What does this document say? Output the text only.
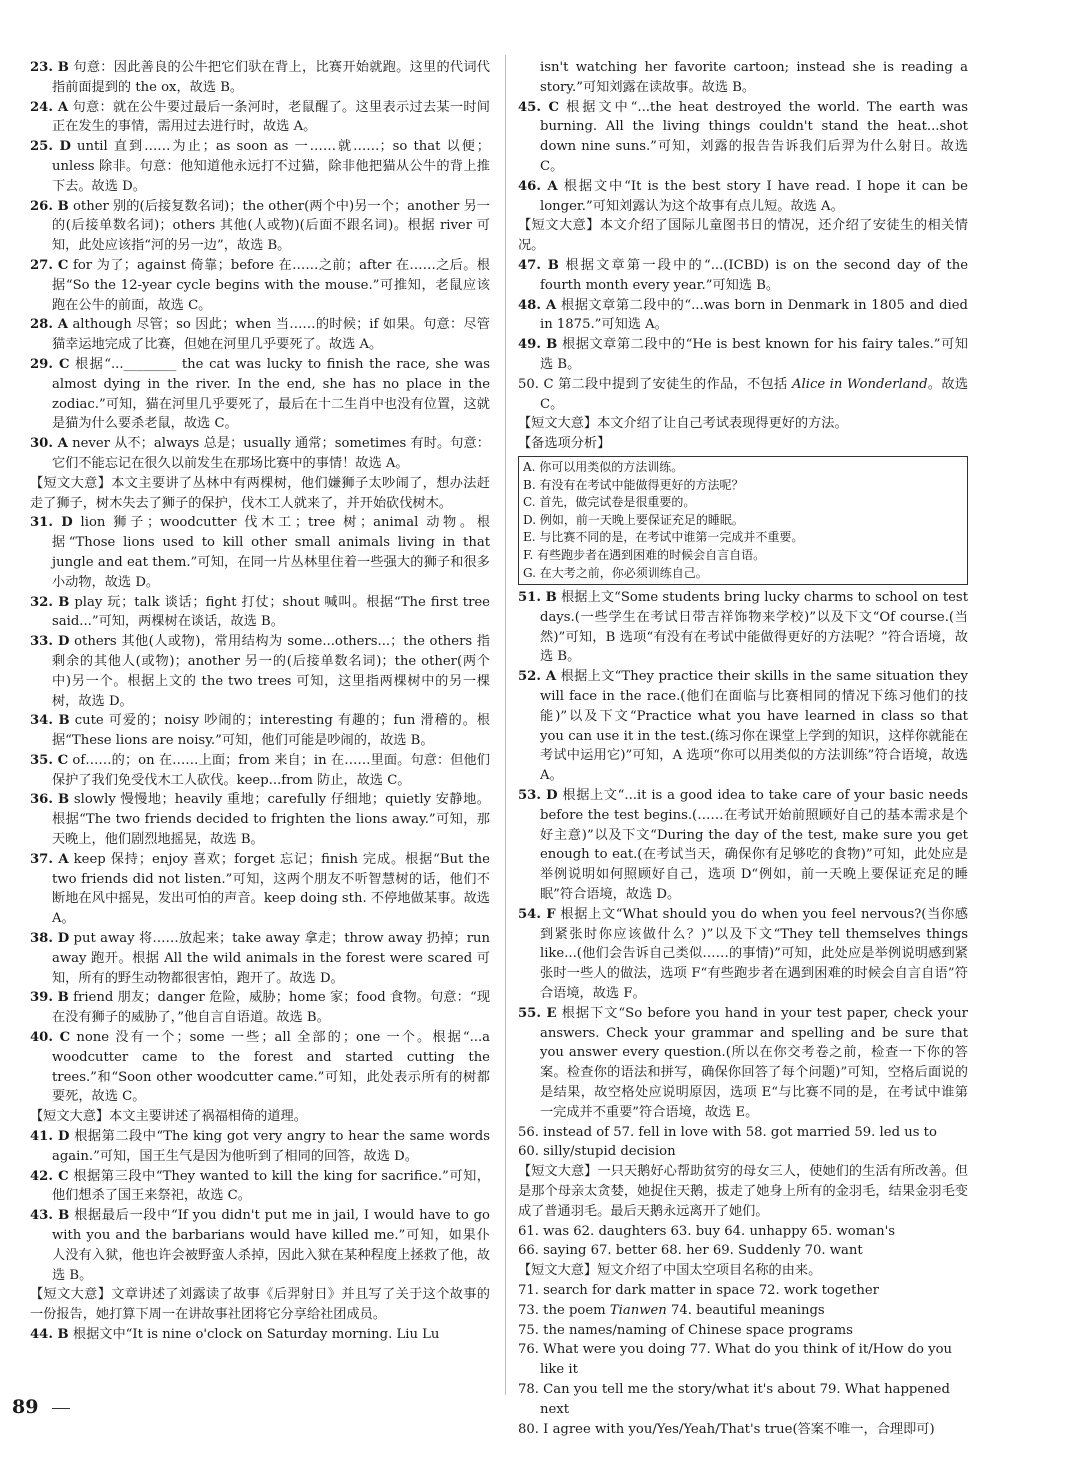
23. B 句意：因此善良的公牛把它们驮在背上，比赛开始就跑。这里的代词代指前面提到的 the ox，故选 B。
24. A 句意：就在公牛要过最后一条河时，老鼠醒了。这里表示过去某一时间正在发生的事情，需用过去进行时，故选 A。
25. D until 直到……为止；as soon as 一……就……；so that 以便；unless 除非。句意：他知道他永远打不过猫，除非他把猫从公牛的背上推下去。故选 D。
26. B other 别的(后接复数名词)；the other(两个中)另一个；another 另一的(后接单数名词)；others 其他(人或物)(后面不跟名词)。根据 river 可知，此处应该指“河的另一边”，故选 B。
27. C for 为了；against 倚靠；before 在……之前；after 在……之后。根据“So the 12-year cycle begins with the mouse.”可推知，老鼠应该跑在公牛的前面，故选 C。
28. A although 尽管；so 因此；when 当……的时候；if 如果。句意：尽管猫幸运地完成了比赛，但她在河里几乎要死了。故选 A。
29. C 根据“...________ the cat was lucky to finish the race, she was almost dying in the river. In the end, she has no place in the zodiac.”可知，猫在河里几乎要死了，最后在十二生肖中也没有位置，这就是猫为什么要杀老鼠，故选 C。
30. A never 从不；always 总是；usually 通常；sometimes 有时。句意：它们不能忘记在很久以前发生在那场比赛中的事情！故选 A。
【短文大意】本文主要讲了丛林中有两棵树，他们嫌狮子太吵闹了，想办法赶走了狮子，树木失去了狮子的保护，伐木工人就来了，并开始砍伐树木。
31. D lion 狮子；woodcutter 伐木工；tree 树；animal 动物。根据“Those lions used to kill other small animals living in that jungle and eat them.”可知，在同一片丛林里住着一些强大的狮子和很多小动物，故选 D。
32. B play 玩；talk 谈话；fight 打仗；shout 喊叫。根据“The first tree said...”可知，两棵树在谈话，故选 B。
33. D others 其他(人或物)，常用结构为 some...others...；the others 指剩余的其他人(或物)；another 另一的(后接单数名词)；the other(两个中)另一个。根据上文的 the two trees 可知，这里指两棵树中的另一棵树，故选 D。
34. B cute 可爱的；noisy 吵闹的；interesting 有趣的；fun 滑稽的。根据“These lions are noisy.”可知，他们可能是吵闹的，故选 B。
35. C of……的；on 在……上面；from 来自；in 在……里面。句意：但他们保护了我们免受伐木工人砍伐。keep...from 防止，故选 C。
36. B slowly 慢慢地；heavily 重地；carefully 仔细地；quietly 安静地。根据“The two friends decided to frighten the lions away.”可知，那天晚上，他们剧烈地摇晃，故选 B。
37. A keep 保持；enjoy 喜欢；forget 忘记；finish 完成。根据“But the two friends did not listen.”可知，这两个朋友不听智慧树的话，他们不断地在风中摇晃，发出可怕的声音。keep doing sth. 不停地做某事。故选 A。
38. D put away 将……放起来；take away 拿走；throw away 扔掉；run away 跑开。根据 All the wild animals in the forest were scared 可知，所有的野生动物都很害怕，跑开了。故选 D。
39. B friend 朋友；danger 危险，威胁；home 家；food 食物。句意：“现在没有狮子的威胁了，”他自言自语道。故选 B。
40. C none 没有一个；some 一些；all 全部的；one 一个。根据“...a woodcutter came to the forest and started cutting the trees.”和“Soon other woodcutter came.”可知，此处表示所有的树都要死，故选 C。
【短文大意】本文主要讲述了祸福相倚的道理。
41. D 根据第二段中“The king got very angry to hear the same words again.”可知，国王生气是因为他听到了相同的回答，故选 D。
42. C 根据第三段中“They wanted to kill the king for sacrifice.”可知，他们想杀了国王来祭祀，故选 C。
43. B 根据最后一段中“If you didn't put me in jail, I would have to go with you and the barbarians would have killed me.”可知，如果仆人没有入狱，他也许会被野蛮人杀掉，因此入狱在某种程度上拯救了他，故选 B。
【短文大意】文章讲述了刘露读了故事《后羿射日》并且写了关于这个故事的一份报告，她打算下周一在讲故事社团将它分享给社团成员。
44. B 根据文中“It is nine o'clock on Saturday morning. Liu Lu
isn't watching her favorite cartoon; instead she is reading a story.”可知刘露在读故事。故选 B。
45. C 根据文中“...the heat destroyed the world. The earth was burning. All the living things couldn't stand the heat...shot down nine suns.”可知，刘露的报告告诉我们后羿为什么射日。故选 C。
46. A 根据文中“It is the best story I have read. I hope it can be longer.”可知刘露认为这个故事有点儿短。故选 A。
【短文大意】本文介绍了国际儿童图书日的情况，还介绍了安徒生的相关情况。
47. B 根据文章第一段中的“...(ICBD) is on the second day of the fourth month every year.”可知选 B。
48. A 根据文章第二段中的“...was born in Denmark in 1805 and died in 1875.”可知选 A。
49. B 根据文章第二段中的“He is best known for his fairy tales.”可知选 B。
50. C 第二段中提到了安徒生的作品，不包括 Alice in Wonderland。故选 C。
【短文大意】本文介绍了让自己考试表现得更好的方法。
【备选项分析】
A. 你可以用类似的方法训练。
B. 有没有在考试中能做得更好的方法呢？
C. 首先，做完试卷是很重要的。
D. 例如，前一天晚上要保证充足的睡眠。
E. 与比赛不同的是，在考试中谁第一完成并不重要。
F. 有些跑步者在遇到困难的时候会自言自语。
G. 在大考之前，你必须训练自己。
51. B 根据上文“Some students bring lucky charms to school on test days.(一些学生在考试日带吉祥饰物来学校)”以及下文“Of course.(当然)”可知，B 选项“有没有在考试中能做得更好的方法呢？”符合语境，故选 B。
52. A 根据上文“They practice their skills in the same situation they will face in the race.(他们在面临与比赛相同的情况下练习他们的技能)”以及下文“Practice what you have learned in class so that you can use it in the test.(练习你在课堂上学到的知识，这样你就能在考试中运用它)”可知，A 选项“你可以用类似的方法训练”符合语境，故选 A。
53. D 根据上文“...it is a good idea to take care of your basic needs before the test begins.(……在考试开始前照顾好自己的基本需求是个好主意)”以及下文“During the day of the test, make sure you get enough to eat.(在考试当天，确保你有足够吃的食物)”可知，此处应是举例说明如何照顾好自己，选项 D“例如，前一天晚上要保证充足的睡眠”符合语境，故选 D。
54. F 根据上文“What should you do when you feel nervous?(当你感到紧张时你应该做什么？)”以及下文“They tell themselves things like...(他们会告诉自己类似……的事情)”可知，此处应是举例说明感到紧张时一些人的做法，选项 F“有些跑步者在遇到困难的时候会自言自语”符合语境，故选 F。
55. E 根据下文“So before you hand in your test paper, check your answers. Check your grammar and spelling and be sure that you answer every question.(所以在你交考卷之前，检查一下你的答案。检查你的语法和拼写，确保你回答了每个问题)”可知，空格后面说的是结果，故空格处应说明原因，选项 E“与比赛不同的是，在考试中谁第一完成并不重要”符合语境，故选 E。
56. instead of 57. fell in love with 58. got married 59. led us to
60. silly/stupid decision
【短文大意】一只天鹅好心帮助贫穷的母女三人，使她们的生活有所改善。但是那个母亲太贪婪，她捉住天鹅，拔走了她身上所有的金羽毛，结果金羽毛变成了普通羽毛。最后天鹅永远离开了她们。
61. was 62. daughters 63. buy 64. unhappy 65. woman's
66. saying 67. better 68. her 69. Suddenly 70. want
【短文大意】短文介绍了中国太空项目名称的由来。
71. search for dark matter in space 72. work together
73. the poem Tianwen 74. beautiful meanings
75. the names/naming of Chinese space programs
76. What were you doing 77. What do you think of it/How do you like it
78. Can you tell me the story/what it's about 79. What happened next
80. I agree with you/Yes/Yeah/That's true(答案不唯一，合理即可)
89
